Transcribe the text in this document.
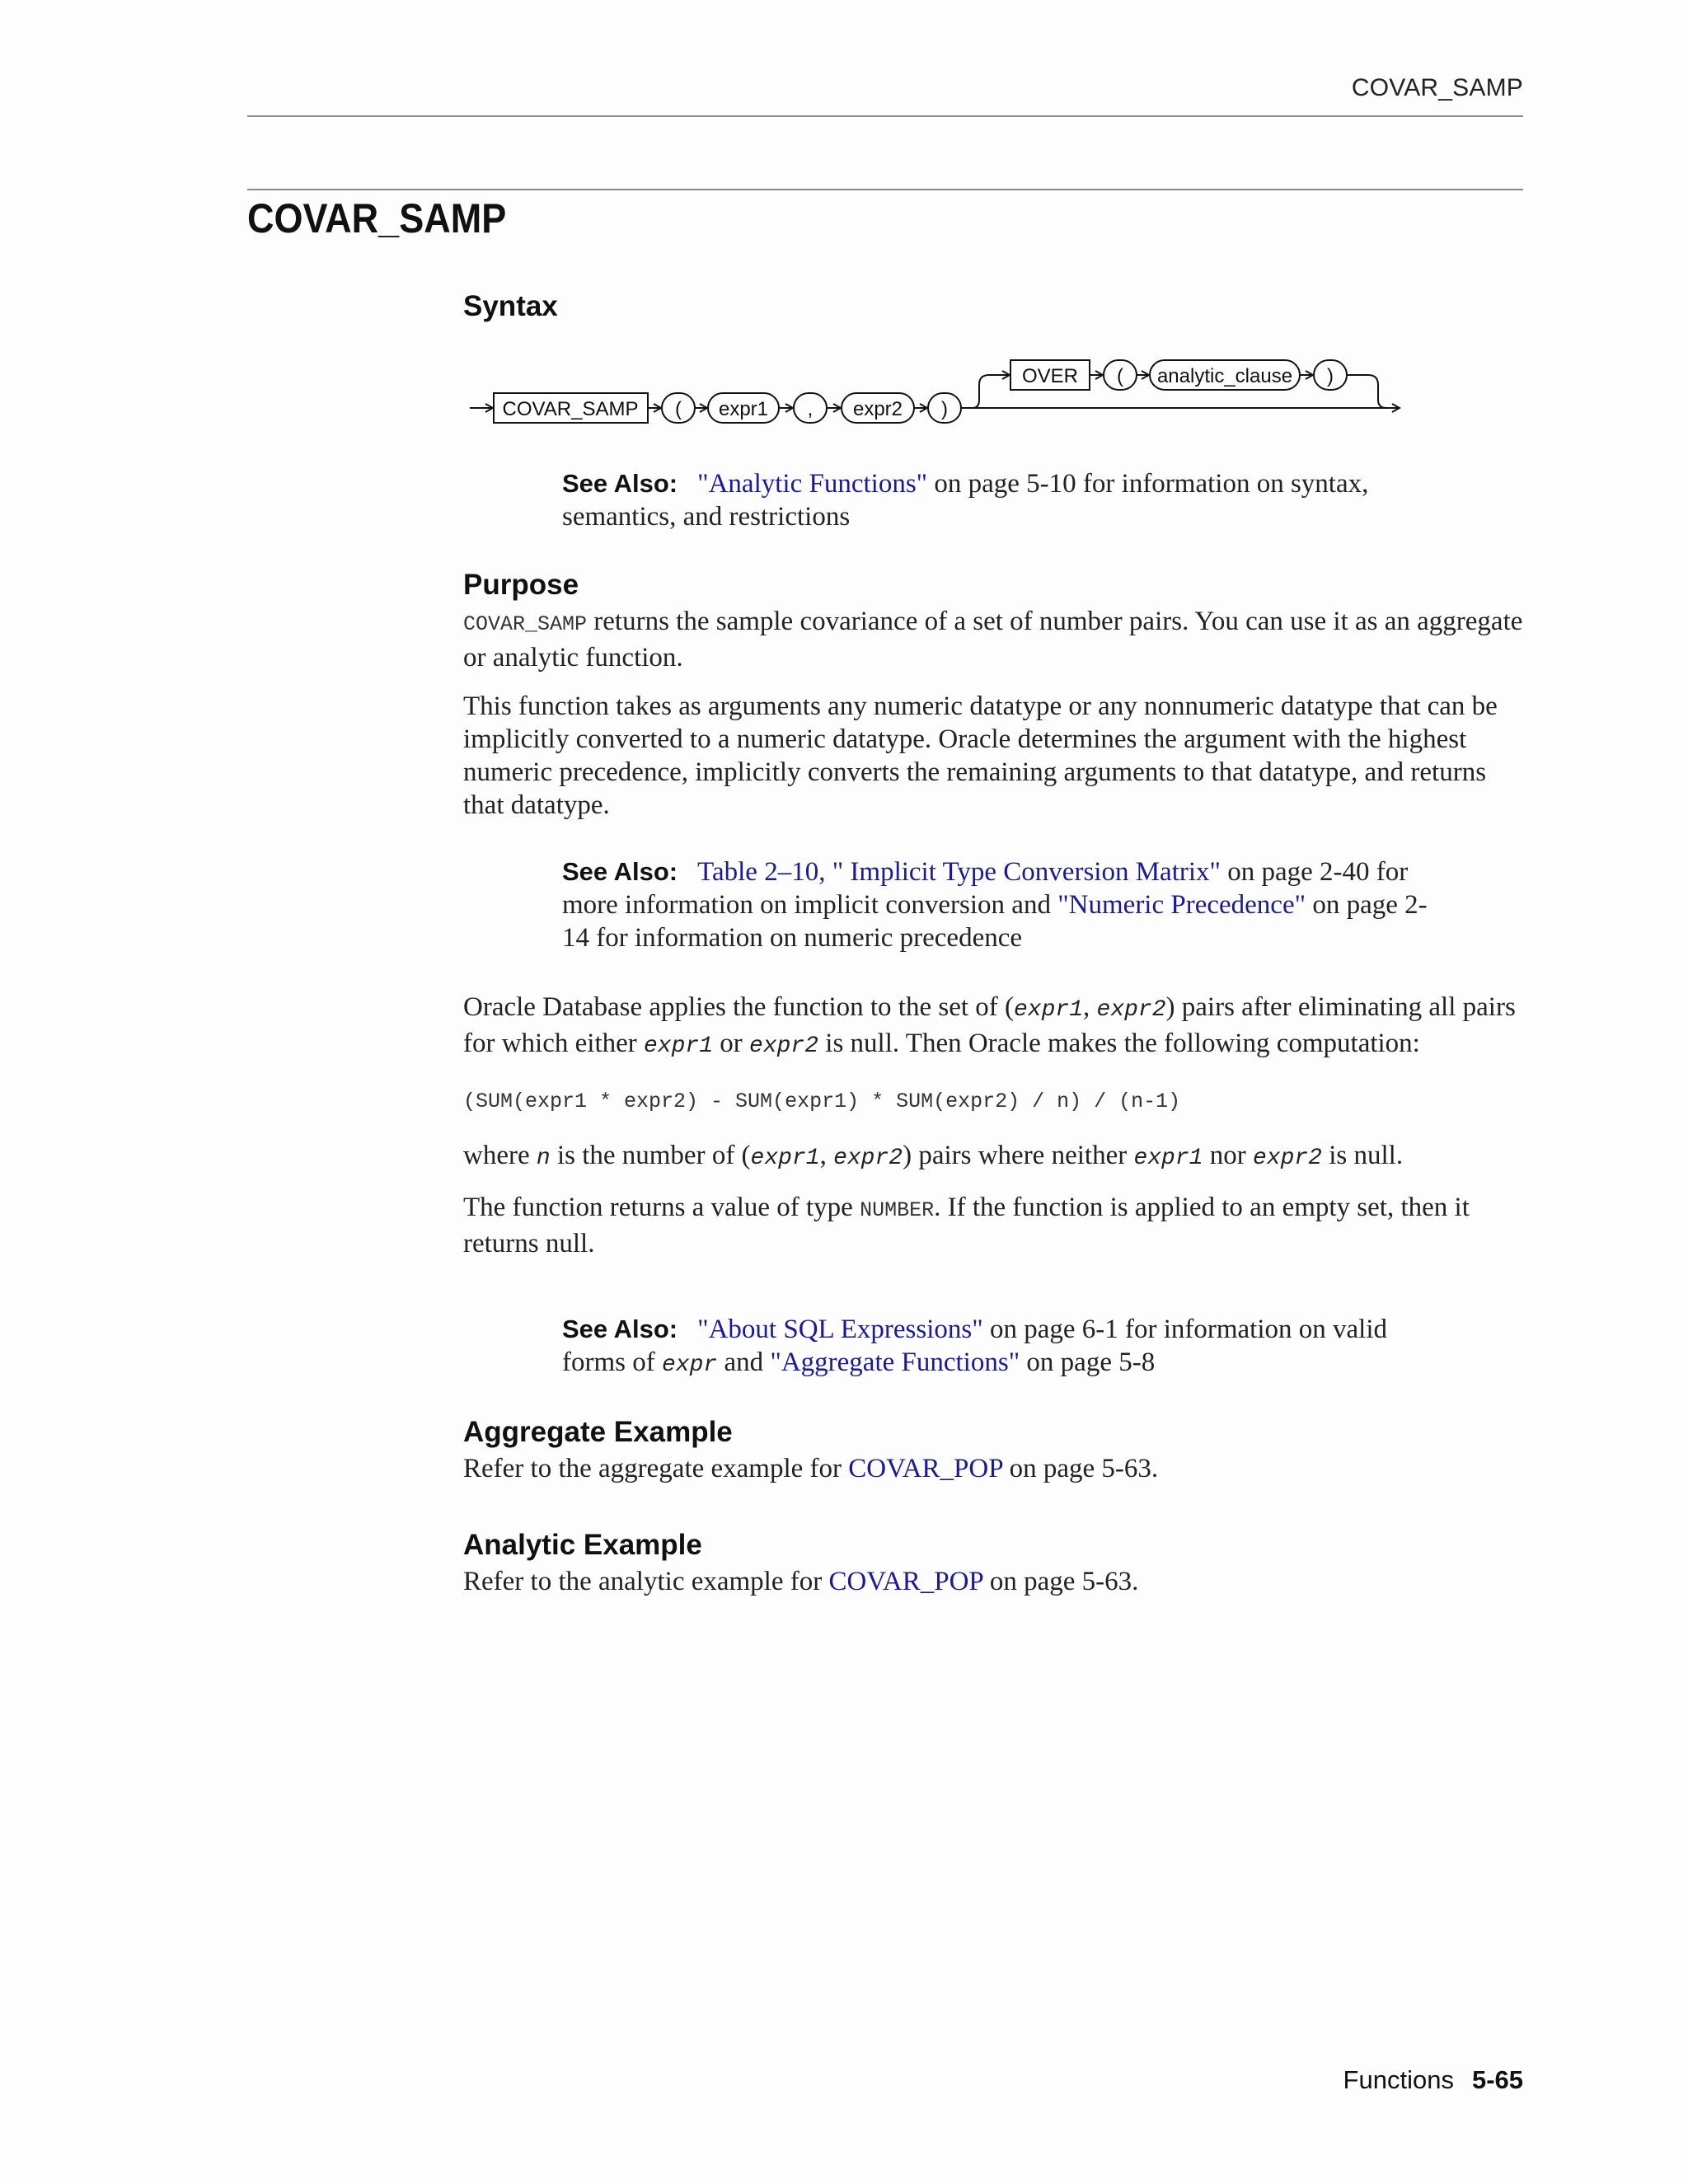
COVAR_SAMP
COVAR_SAMP
Syntax
COVAR_SAMP ( expr1 , expr2 )
OVER ( analytic_clause )
See Also: "Analytic Functions" on page 5-10 for information on syntax, semantics, and restrictions
Purpose

COVAR_SAMP returns the sample covariance of a set of number pairs. You can use it as an aggregate or analytic function.

This function takes as arguments any numeric datatype or any nonnumeric datatype that can be implicitly converted to a numeric datatype. Oracle determines the argument with the highest numeric precedence, implicitly converts the remaining arguments to that datatype, and returns that datatype.

See Also: Table 2–10, " Implicit Type Conversion Matrix" on page 2-40 for more information on implicit conversion and "Numeric Precedence" on page 2-14 for information on numeric precedence

Oracle Database applies the function to the set of (expr1, expr2) pairs after eliminating all pairs for which either expr1 or expr2 is null. Then Oracle makes the following computation:

(SUM(expr1 * expr2) - SUM(expr1) * SUM(expr2) / n) / (n-1)

where n is the number of (expr1, expr2) pairs where neither expr1 nor expr2 is null.

The function returns a value of type NUMBER. If the function is applied to an empty set, then it returns null.

See Also: "About SQL Expressions" on page 6-1 for information on valid forms of expr and "Aggregate Functions" on page 5-8
Aggregate Example

Refer to the aggregate example for COVAR_POP on page 5-63.

Analytic Example

Refer to the analytic example for COVAR_POP on page 5-63.

Functions 5-65
